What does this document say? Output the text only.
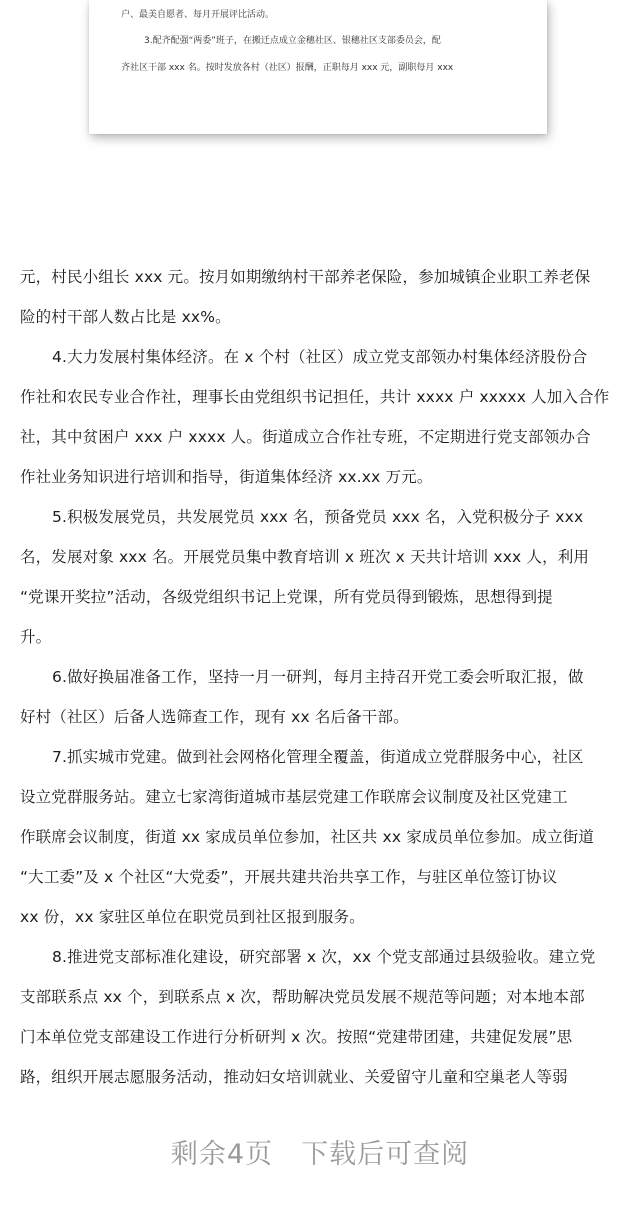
户、最美自愿者、每月开展评比活动。

3.配齐配强“两委”班子，在搬迁点成立金穗社区、银穗社区支部委员会，配

齐社区干部 xxx 名。按时发放各村（社区）报酬，正职每月 xxx 元，副职每月 xxx

元，村民小组长 xxx 元。按月如期缴纳村干部养老保险，参加城镇企业职工养老保

险的村干部人数占比是 xx%。

4.大力发展村集体经济。在 x 个村（社区）成立党支部领办村集体经济股份合

作社和农民专业合作社，理事长由党组织书记担任，共计 xxxx 户 xxxxx 人加入合作

社，其中贫困户 xxx 户 xxxx 人。街道成立合作社专班，不定期进行党支部领办合

作社业务知识进行培训和指导，街道集体经济 xx.xx 万元。

5.积极发展党员，共发展党员 xxx 名，预备党员 xxx 名，入党积极分子 xxx

名，发展对象 xxx 名。开展党员集中教育培训 x 班次 x 天共计培训 xxx 人，利用

“党课开奖拉”活动，各级党组织书记上党课，所有党员得到锻炼，思想得到提

升。

6.做好换届准备工作，坚持一月一研判，每月主持召开党工委会听取汇报，做

好村（社区）后备人选筛查工作，现有 xx 名后备干部。

7.抓实城市党建。做到社会网格化管理全覆盖，街道成立党群服务中心，社区

设立党群服务站。建立七家湾街道城市基层党建工作联席会议制度及社区党建工

作联席会议制度，街道 xx 家成员单位参加，社区共 xx 家成员单位参加。成立街道

“大工委”及 x 个社区“大党委”，开展共建共治共享工作，与驻区单位签订协议

xx 份，xx 家驻区单位在职党员到社区报到服务。

8.推进党支部标准化建设，研究部署 x 次，xx 个党支部通过县级验收。建立党

支部联系点 xx 个，到联系点 x 次，帮助解决党员发展不规范等问题；对本地本部

门本单位党支部建设工作进行分析研判 x 次。按照“党建带团建，共建促发展”思

路，组织开展志愿服务活动，推动妇女培训就业、关爱留守儿童和空巢老人等弱

剩余4页 下载后可查阅
